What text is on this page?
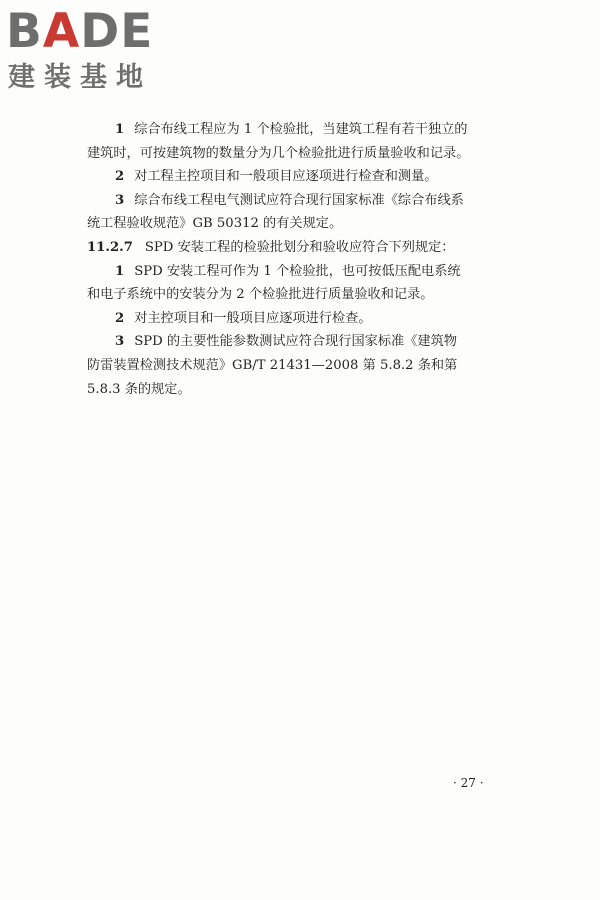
BADE
建装基地

1 综合布线工程应为 1 个检验批，当建筑工程有若干独立的

建筑时，可按建筑物的数量分为几个检验批进行质量验收和记录。

2 对工程主控项目和一般项目应逐项进行检查和测量。

3 综合布线工程电气测试应符合现行国家标准《综合布线系

统工程验收规范》GB 50312 的有关规定。

11.2.7 SPD 安装工程的检验批划分和验收应符合下列规定：

1 SPD 安装工程可作为 1 个检验批，也可按低压配电系统

和电子系统中的安装分为 2 个检验批进行质量验收和记录。

2 对主控项目和一般项目应逐项进行检查。

3 SPD 的主要性能参数测试应符合现行国家标准《建筑物

防雷装置检测技术规范》GB/T 21431—2008 第 5.8.2 条和第

5.8.3 条的规定。

· 27 ·
